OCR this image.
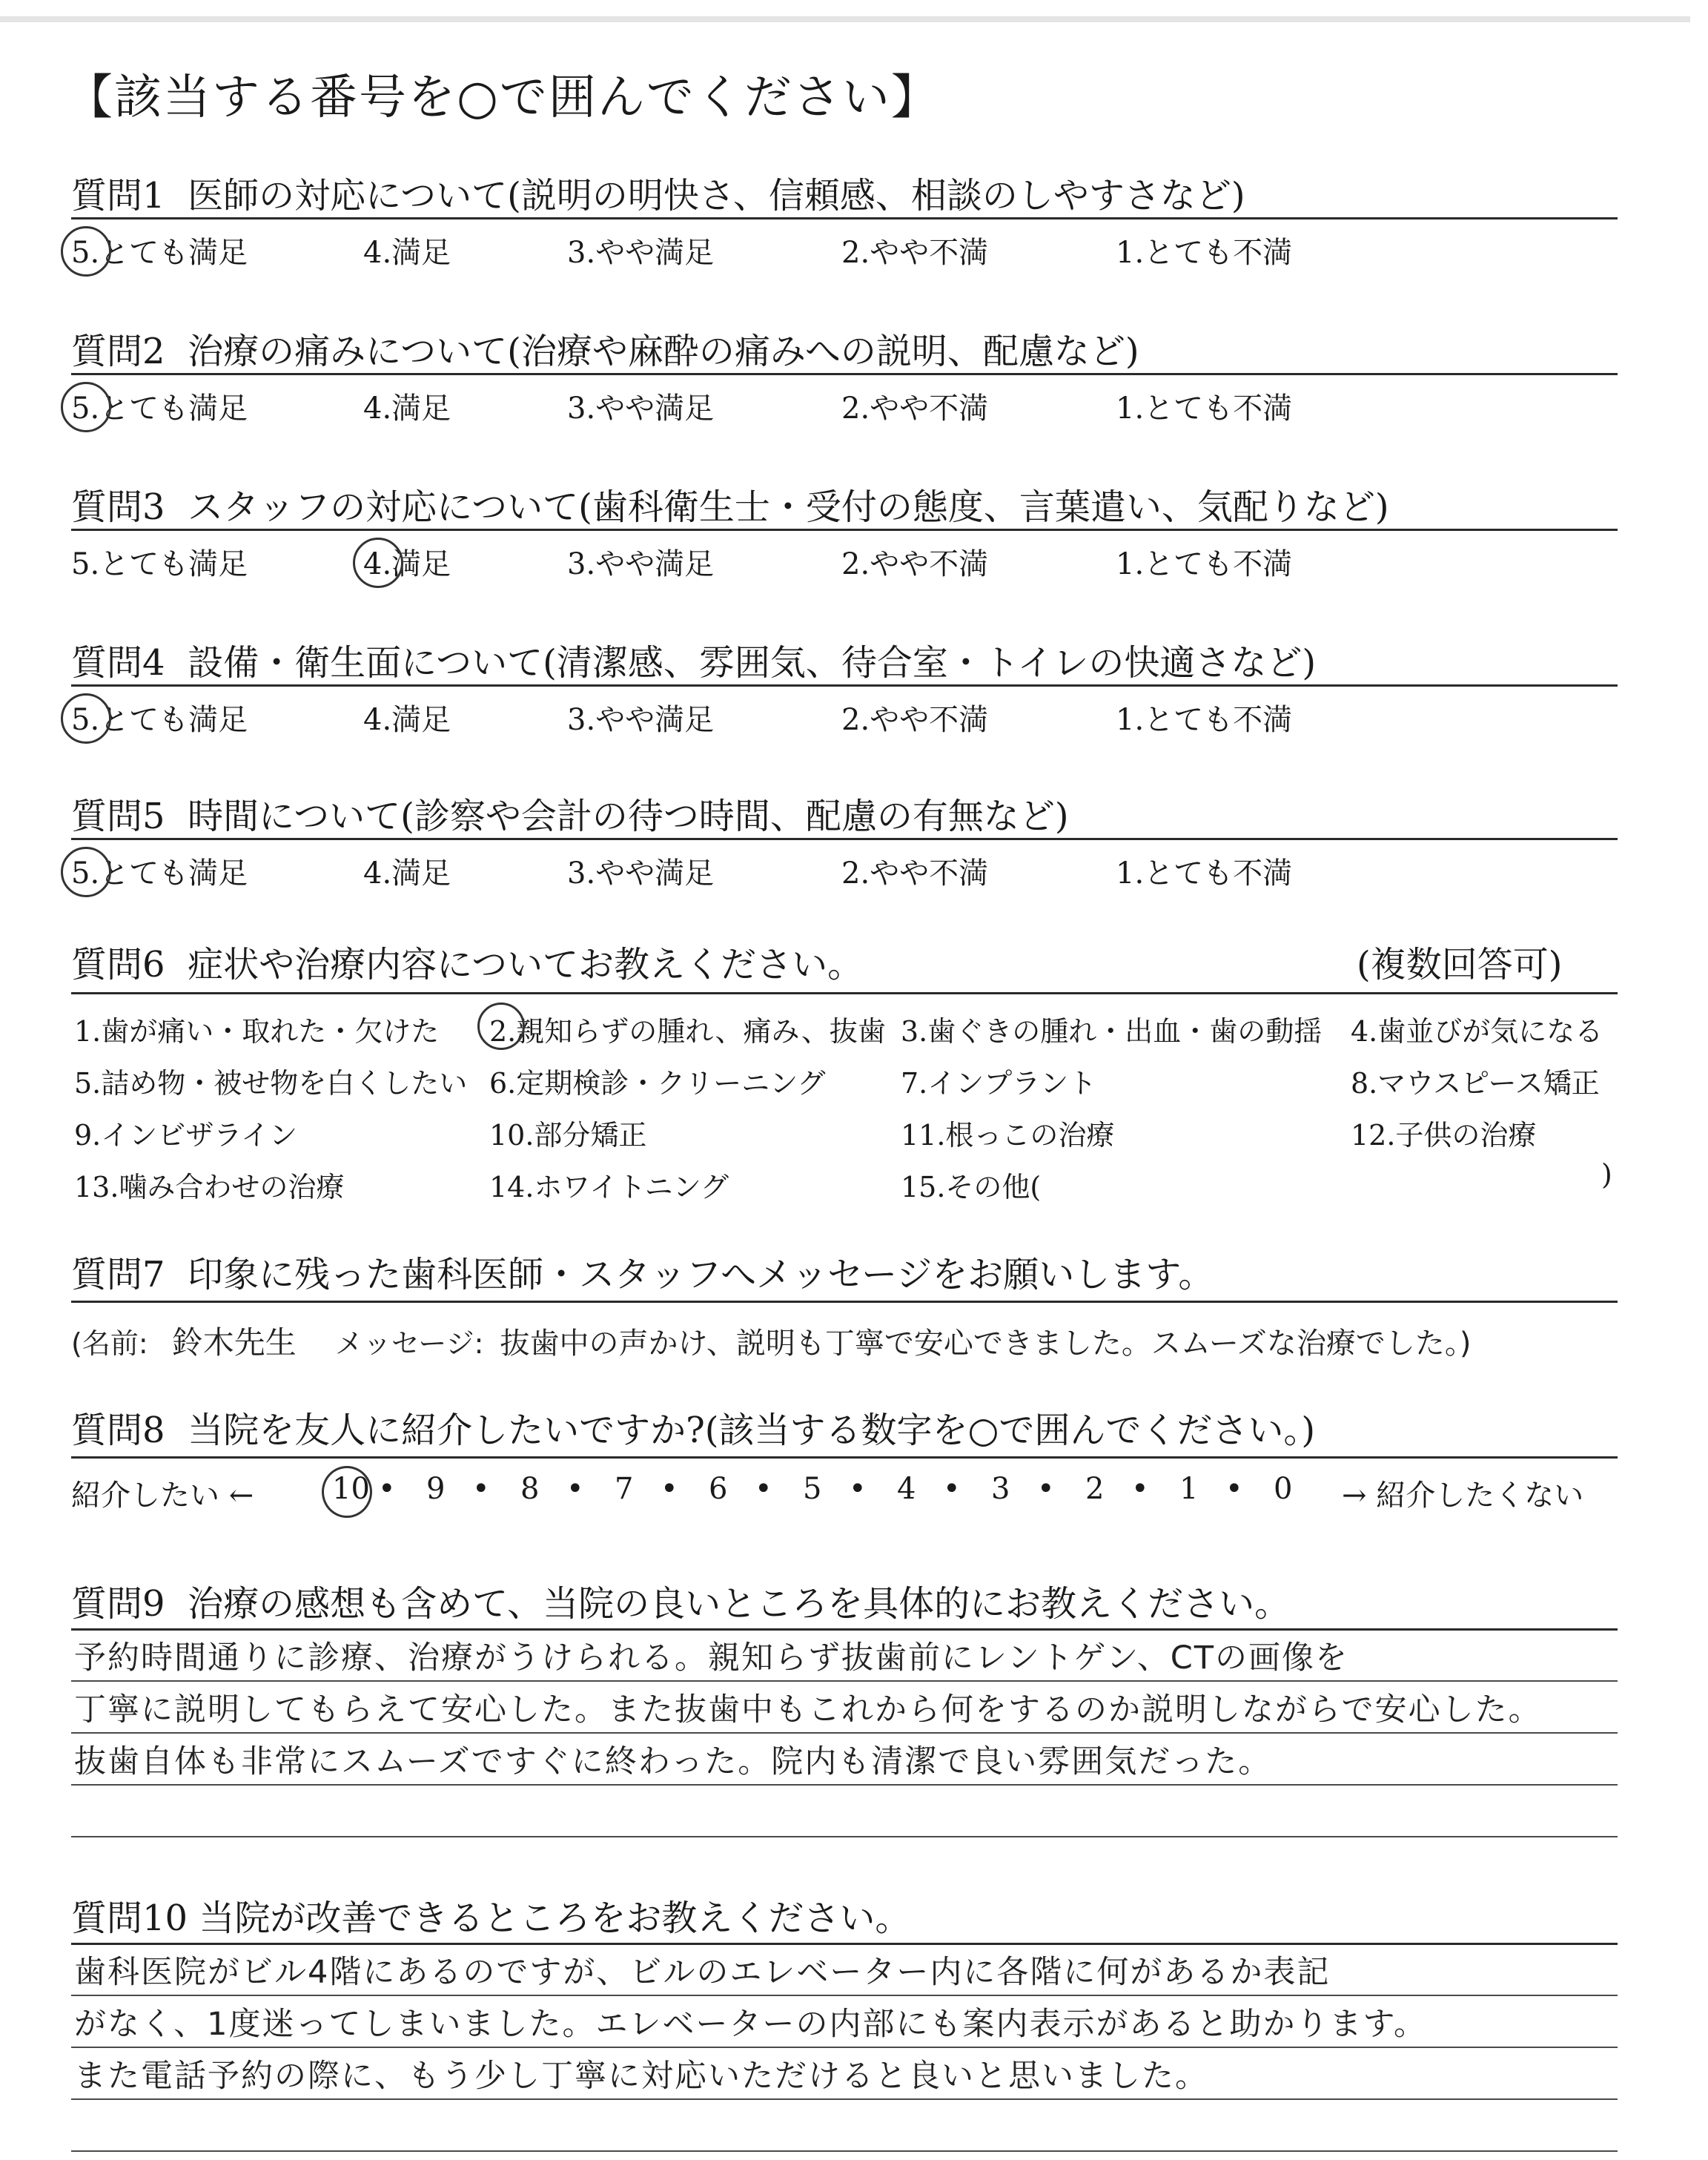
【該当する番号を○で囲んでください】
質問1 医師の対応について(説明の明快さ、信頼感、相談のしやすさなど)
5.とても満足	4.満足	3.やや満足	2.やや不満	1.とても不満
質問2 治療の痛みについて(治療や麻酔の痛みへの説明、配慮など)
5.とても満足	4.満足	3.やや満足	2.やや不満	1.とても不満
質問3 スタッフの対応について(歯科衛生士・受付の態度、言葉遣い、気配りなど)
5.とても満足	4.満足	3.やや満足	2.やや不満	1.とても不満
質問4 設備・衛生面について(清潔感、雰囲気、待合室・トイレの快適さなど)
5.とても満足	4.満足	3.やや満足	2.やや不満	1.とても不満
質問5 時間について(診察や会計の待つ時間、配慮の有無など)
5.とても満足	4.満足	3.やや満足	2.やや不満	1.とても不満
質問6 症状や治療内容についてお教えください。	(複数回答可)
1.歯が痛い・取れた・欠けた 2.親知らずの腫れ、痛み、抜歯 3.歯ぐきの腫れ・出血・歯の動揺 4.歯並びが気になる
5.詰め物・被せ物を白くしたい 6.定期検診・クリーニング	7.インプラント	8.マウスピース矯正
9.インビザライン	10.部分矯正	11.根っこの治療	12.子供の治療
13.噛み合わせの治療	14.ホワイトニング	15.その他(	)
質問7 印象に残った歯科医師・スタッフへメッセージをお願いします。
(名前: 鈴木先生 メッセージ: 抜歯中の声かけ、説明も丁寧で安心できました。スムーズな治療でした。)
質問8 当院を友人に紹介したいですか?(該当する数字を○で囲んでください。)
紹介したい ←	10 • 9 • 8 • 7 • 6 • 5 • 4 • 3 • 2 • 1 • 0 → 紹介したくない
質問9 治療の感想も含めて、当院の良いところを具体的にお教えください。
予約時間通りに診療、治療がうけられる。親知らず抜歯前にレントゲン、CTの画像を
丁寧に説明してもらえて安心した。また抜歯中もこれから何をするのか説明しながらで安心した。
抜歯自体も非常にスムーズですぐに終わった。院内も清潔で良い雰囲気だった。
質問10 当院が改善できるところをお教えください。
歯科医院がビル4階にあるのですが、ビルのエレベーター内に各階に何があるか表記
がなく、1度迷ってしまいました。エレベーターの内部にも案内表示があると助かります。
また電話予約の際に、もう少し丁寧に対応いただけると良いと思いました。
